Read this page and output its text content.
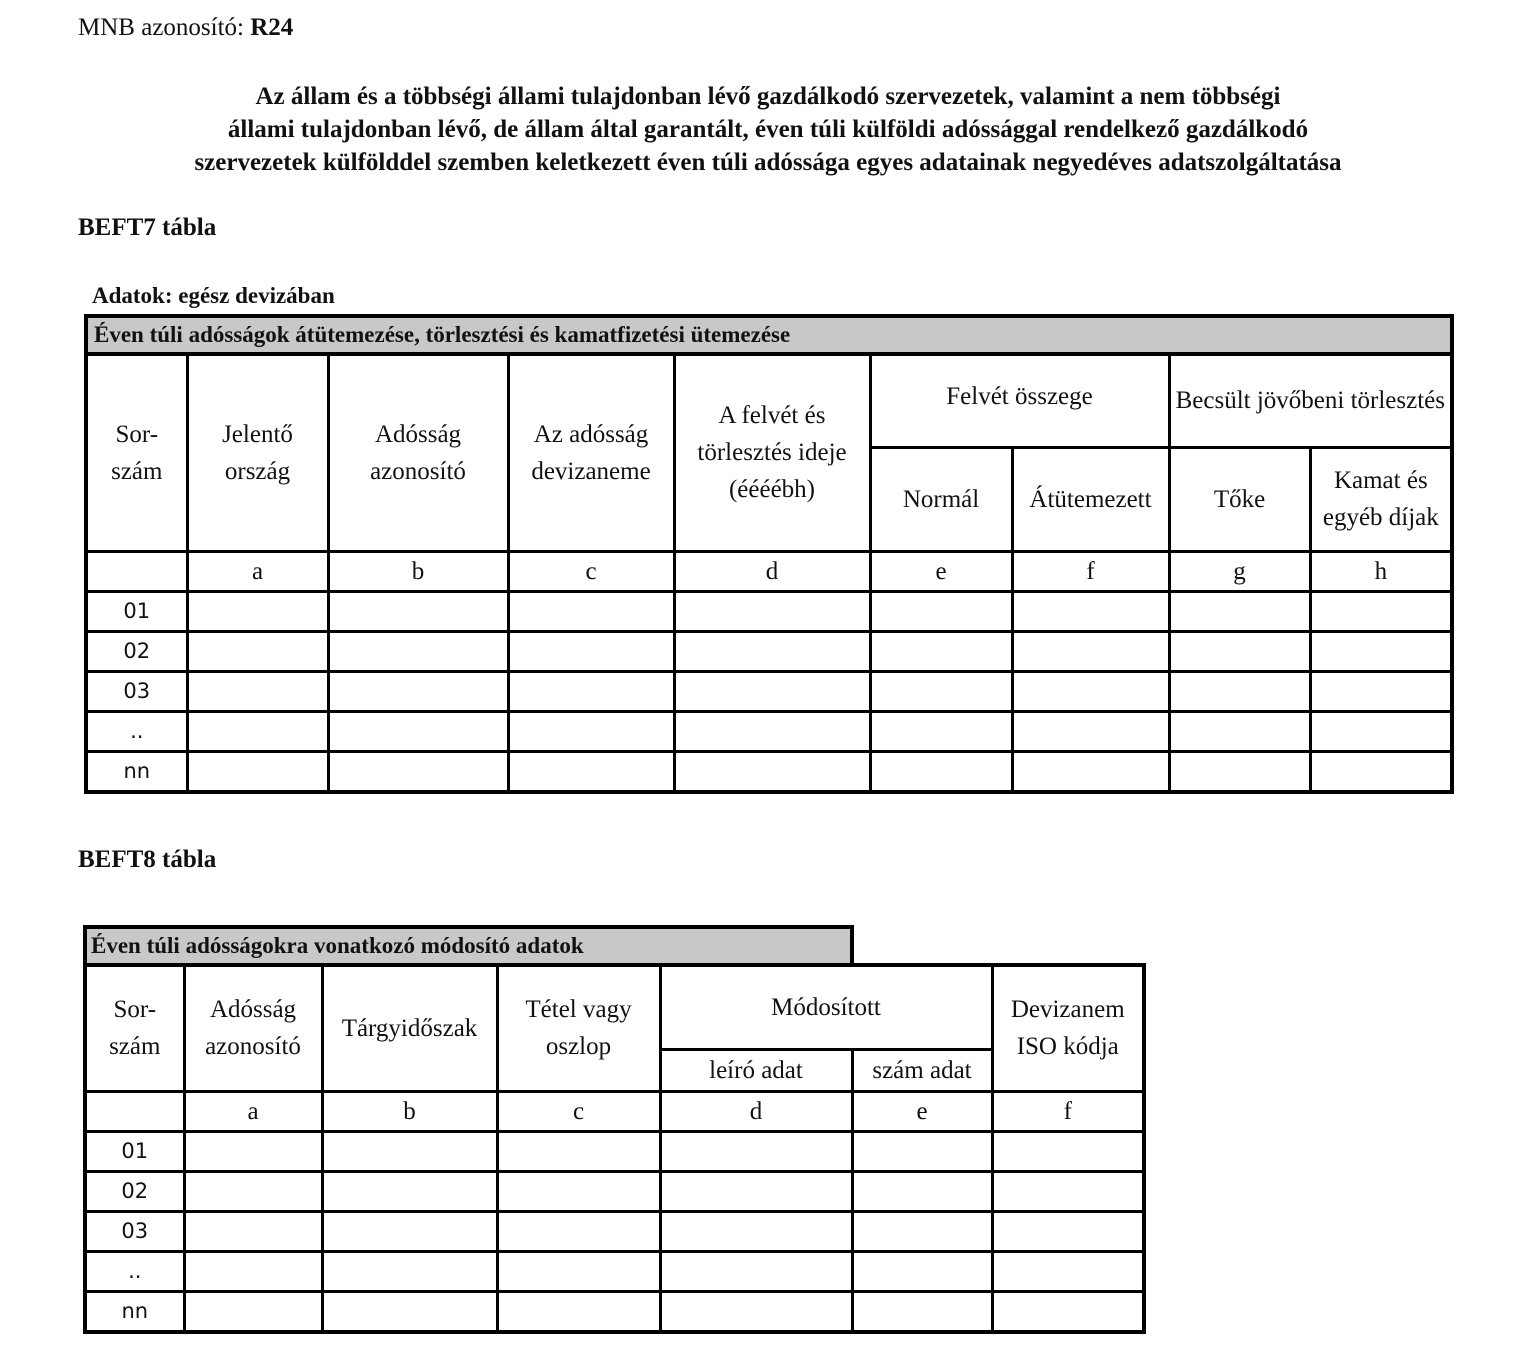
MNB azonosító: R24
Az állam és a többségi állami tulajdonban lévő gazdálkodó szervezetek, valamint a nem többségi
állami tulajdonban lévő, de állam által garantált, éven túli külföldi adóssággal rendelkező gazdálkodó
szervezetek külfölddel szemben keletkezett éven túli adóssága egyes adatainak negyedéves adatszolgáltatása
BEFT7 tábla
Adatok: egész devizában
Éven túli adósságok átütemezése, törlesztési és kamatfizetési ütemezése								
Sor- szám	Jelentő ország	Adósság azonosító	Az adósság devizaneme	A felvét és törlesztés ideje (éééébh)	Felvét összege		Becsült jövőbeni törlesztés	
					Normál	Átütemezett	Tőke	Kamat és egyéb díjak
	a	b	c	d	e	f	g	h
01								
02								
03								
..								
nn								
BEFT8 tábla
Éven túli adósságokra vonatkozó módosító adatok
Sor- szám	Adósság azonosító	Tárgyidőszak	Tétel vagy oszlop	Módosított		Devizanem ISO kódja
				leíró adat	szám adat	
	a	b	c	d	e	f
01						
02						
03						
..						
nn						
